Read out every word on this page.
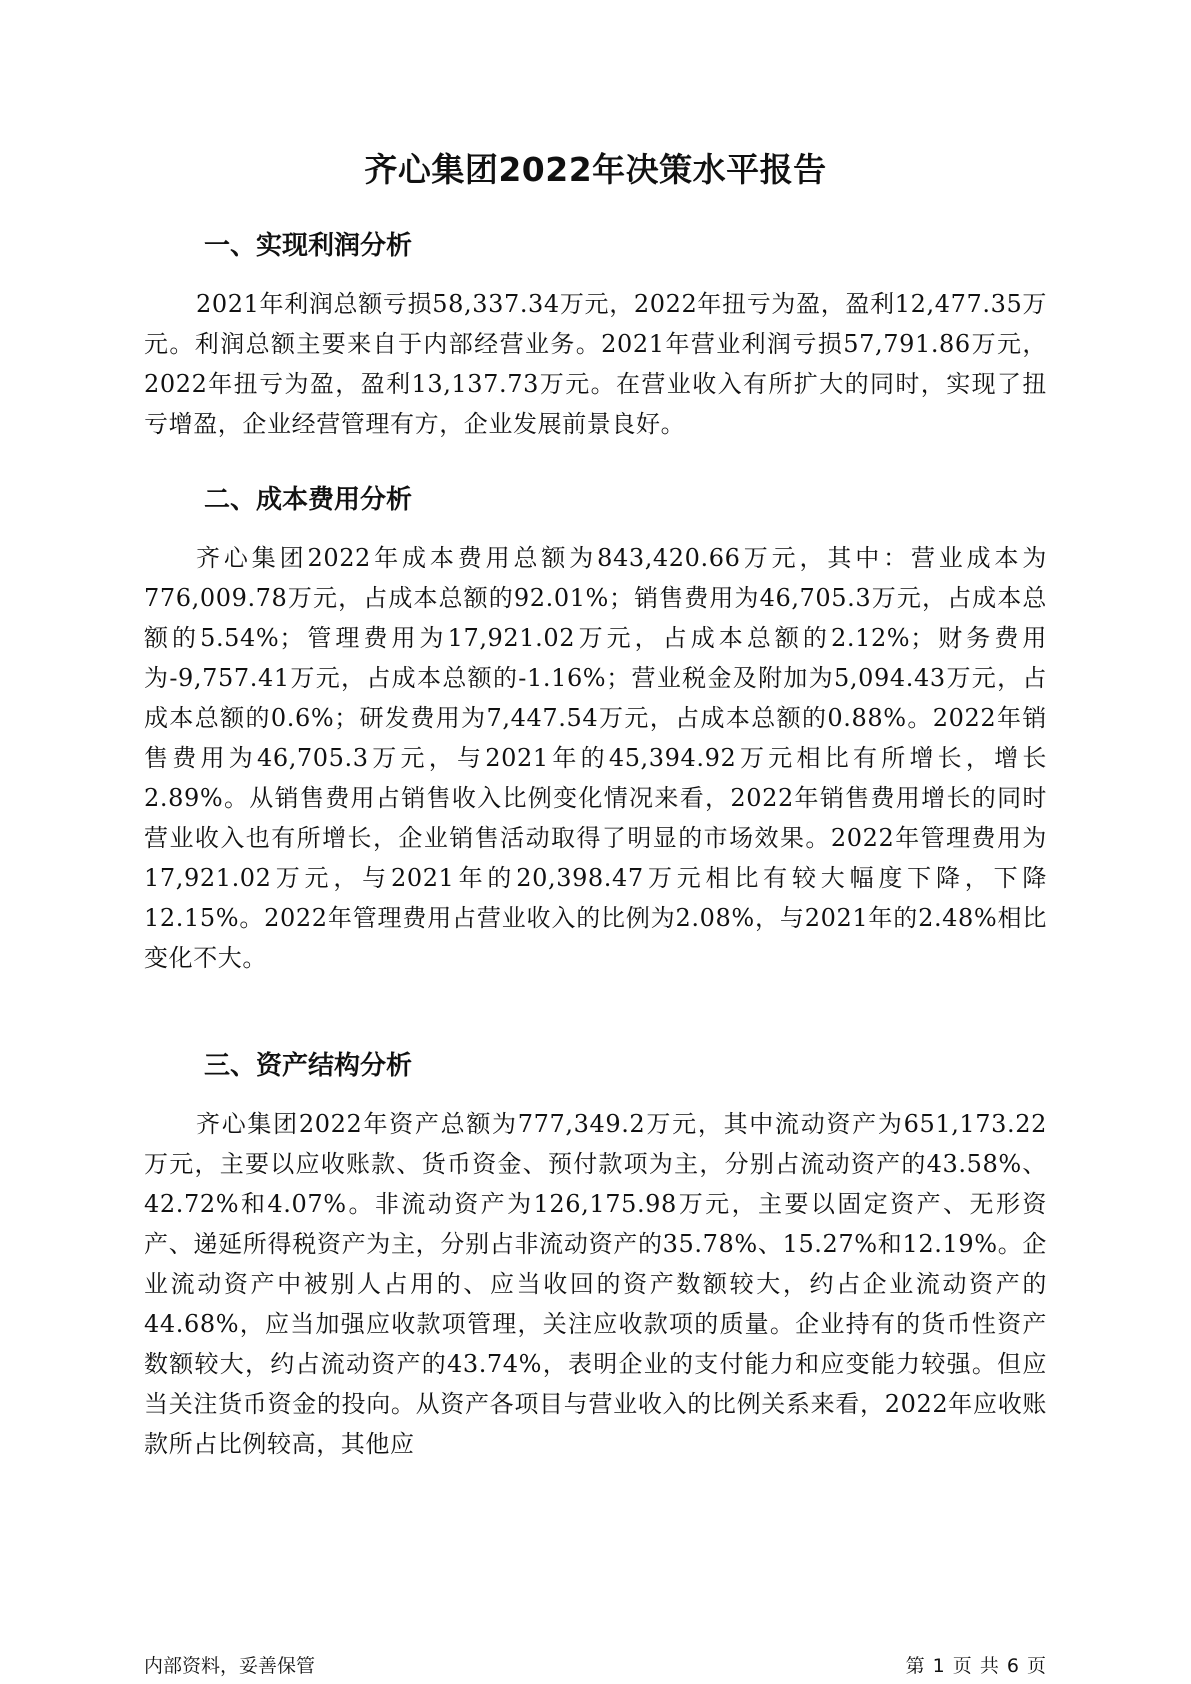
齐心集团2022年决策水平报告
一、实现利润分析

2021年利润总额亏损58,337.34万元，2022年扭亏为盈，盈利12,477.35万元。利润总额主要来自于内部经营业务。2021年营业利润亏损57,791.86万元，2022年扭亏为盈，盈利13,137.73万元。在营业收入有所扩大的同时，实现了扭亏增盈，企业经营管理有方，企业发展前景良好。

二、成本费用分析

齐心集团2022年成本费用总额为843,420.66万元，其中：营业成本为776,009.78万元，占成本总额的92.01%；销售费用为46,705.3万元，占成本总额的5.54%；管理费用为17,921.02万元，占成本总额的2.12%；财务费用为-9,757.41万元，占成本总额的-1.16%；营业税金及附加为5,094.43万元，占成本总额的0.6%；研发费用为7,447.54万元，占成本总额的0.88%。2022年销售费用为46,705.3万元，与2021年的45,394.92万元相比有所增长，增长2.89%。从销售费用占销售收入比例变化情况来看，2022年销售费用增长的同时营业收入也有所增长，企业销售活动取得了明显的市场效果。2022年管理费用为17,921.02万元，与2021年的20,398.47万元相比有较大幅度下降，下降12.15%。2022年管理费用占营业收入的比例为2.08%，与2021年的2.48%相比变化不大。

三、资产结构分析

齐心集团2022年资产总额为777,349.2万元，其中流动资产为651,173.22万元，主要以应收账款、货币资金、预付款项为主，分别占流动资产的43.58%、42.72%和4.07%。非流动资产为126,175.98万元，主要以固定资产、无形资产、递延所得税资产为主，分别占非流动资产的35.78%、15.27%和12.19%。企业流动资产中被别人占用的、应当收回的资产数额较大，约占企业流动资产的44.68%，应当加强应收款项管理，关注应收款项的质量。企业持有的货币性资产数额较大，约占流动资产的43.74%，表明企业的支付能力和应变能力较强。但应当关注货币资金的投向。从资产各项目与营业收入的比例关系来看，2022年应收账款所占比例较高，其他应

内部资料，妥善保管	第 1 页 共 6 页
